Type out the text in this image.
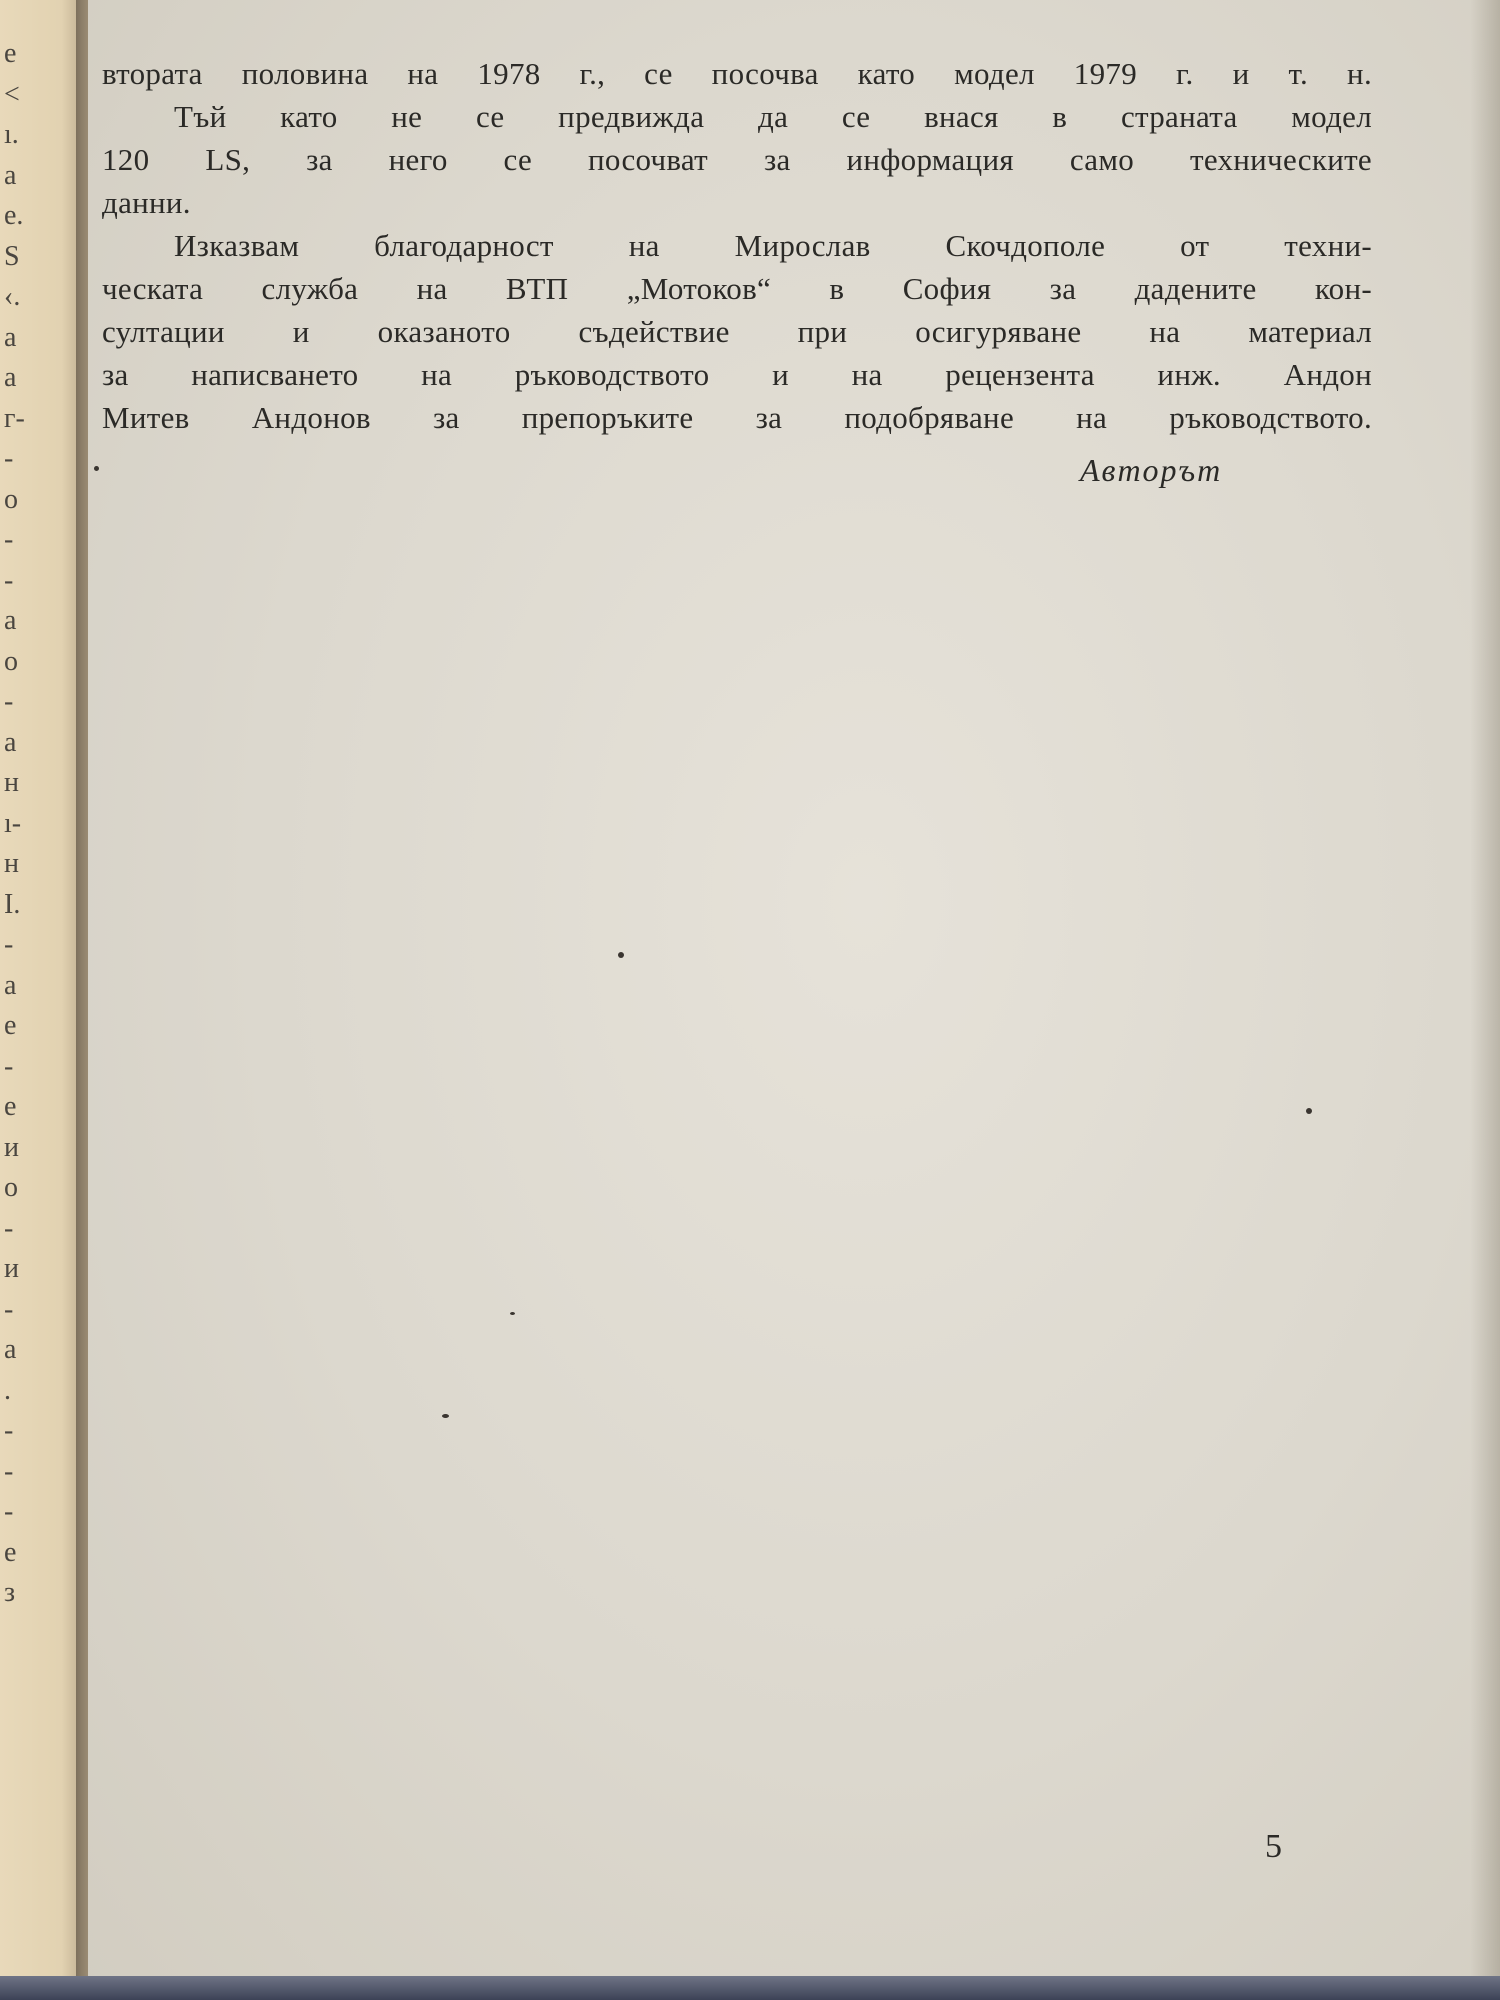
е
<
ı.
а
е.
S
‹.
а
а
г-
-
о
-
-
а
о
-
а
н
ı-
н
I.
-
а
е
-
е
и
о
-
и
-
а
.
-
-
-
е
з
втората половина на 1978 г., се посочва като модел 1979 г. и т. н.
Тъй като не се предвижда да се внася в страната модел
120 LS, за него се посочват за информация само техническите
данни.
Изказвам благодарност на Мирослав Скочдополе от техни-
ческата служба на ВТП „Мотоков“ в София за дадените кон-
султации и оказаното съдействие при осигуряване на материал
за написването на ръководството и на рецензента инж. Андон
Митев Андонов за препоръките за подобряване на ръководството.
Авторът
5
